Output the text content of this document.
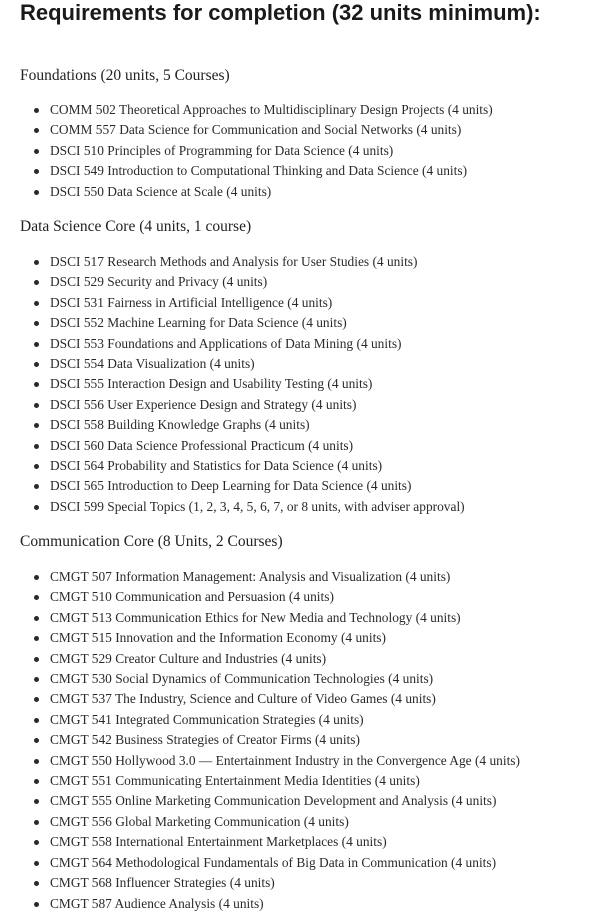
Requirements for completion (32 units minimum):
Foundations (20 units, 5 Courses)
COMM 502 Theoretical Approaches to Multidisciplinary Design Projects (4 units)
COMM 557 Data Science for Communication and Social Networks (4 units)
DSCI 510 Principles of Programming for Data Science (4 units)
DSCI 549 Introduction to Computational Thinking and Data Science (4 units)
DSCI 550 Data Science at Scale (4 units)
Data Science Core (4 units, 1 course)
DSCI 517 Research Methods and Analysis for User Studies (4 units)
DSCI 529 Security and Privacy (4 units)
DSCI 531 Fairness in Artificial Intelligence (4 units)
DSCI 552 Machine Learning for Data Science (4 units)
DSCI 553 Foundations and Applications of Data Mining (4 units)
DSCI 554 Data Visualization (4 units)
DSCI 555 Interaction Design and Usability Testing (4 units)
DSCI 556 User Experience Design and Strategy (4 units)
DSCI 558 Building Knowledge Graphs (4 units)
DSCI 560 Data Science Professional Practicum (4 units)
DSCI 564 Probability and Statistics for Data Science (4 units)
DSCI 565 Introduction to Deep Learning for Data Science (4 units)
DSCI 599 Special Topics (1, 2, 3, 4, 5, 6, 7, or 8 units, with adviser approval)
Communication Core (8 Units, 2 Courses)
CMGT 507 Information Management: Analysis and Visualization (4 units)
CMGT 510 Communication and Persuasion (4 units)
CMGT 513 Communication Ethics for New Media and Technology (4 units)
CMGT 515 Innovation and the Information Economy (4 units)
CMGT 529 Creator Culture and Industries (4 units)
CMGT 530 Social Dynamics of Communication Technologies (4 units)
CMGT 537 The Industry, Science and Culture of Video Games (4 units)
CMGT 541 Integrated Communication Strategies (4 units)
CMGT 542 Business Strategies of Creator Firms (4 units)
CMGT 550 Hollywood 3.0 — Entertainment Industry in the Convergence Age (4 units)
CMGT 551 Communicating Entertainment Media Identities (4 units)
CMGT 555 Online Marketing Communication Development and Analysis (4 units)
CMGT 556 Global Marketing Communication (4 units)
CMGT 558 International Entertainment Marketplaces (4 units)
CMGT 564 Methodological Fundamentals of Big Data in Communication (4 units)
CMGT 568 Influencer Strategies (4 units)
CMGT 587 Audience Analysis (4 units)
